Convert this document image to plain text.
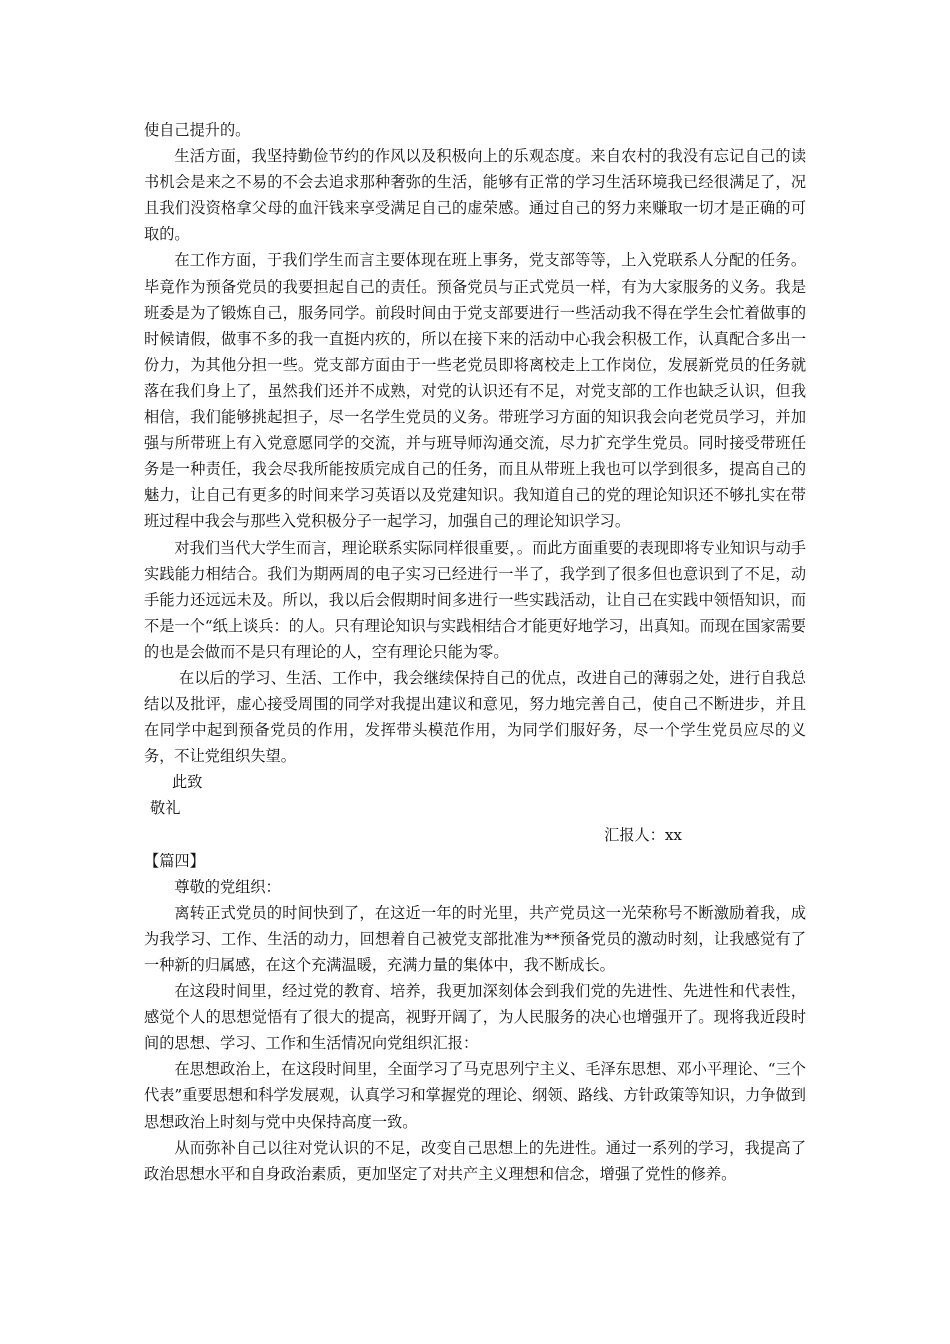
使自己提升的。

生活方面，我坚持勤俭节约的作风以及积极向上的乐观态度。来自农村的我没有忘记自己的读书机会是来之不易的不会去追求那种奢弥的生活，能够有正常的学习生活环境我已经很满足了，况且我们没资格拿父母的血汗钱来享受满足自己的虚荣感。通过自己的努力来赚取一切才是正确的可取的。

在工作方面，于我们学生而言主要体现在班上事务，党支部等等，上入党联系人分配的任务。毕竟作为预备党员的我要担起自己的责任。预备党员与正式党员一样，有为大家服务的义务。我是班委是为了锻炼自己，服务同学。前段时间由于党支部要进行一些活动我不得在学生会忙着做事的时候请假，做事不多的我一直挺内疚的，所以在接下来的活动中心我会积极工作，认真配合多出一份力，为其他分担一些。党支部方面由于一些老党员即将离校走上工作岗位，发展新党员的任务就落在我们身上了，虽然我们还并不成熟，对党的认识还有不足，对党支部的工作也缺乏认识，但我相信，我们能够挑起担子，尽一名学生党员的义务。带班学习方面的知识我会向老党员学习，并加强与所带班上有入党意愿同学的交流，并与班导师沟通交流，尽力扩充学生党员。同时接受带班任务是一种责任，我会尽我所能按质完成自己的任务，而且从带班上我也可以学到很多，提高自己的魅力，让自己有更多的时间来学习英语以及党建知识。我知道自己的党的理论知识还不够扎实在带班过程中我会与那些入党积极分子一起学习，加强自己的理论知识学习。

对我们当代大学生而言，理论联系实际同样很重要，。而此方面重要的表现即将专业知识与动手实践能力相结合。我们为期两周的电子实习已经进行一半了，我学到了很多但也意识到了不足，动手能力还远远未及。所以，我以后会假期时间多进行一些实践活动，让自己在实践中领悟知识，而不是一个“纸上谈兵：的人。只有理论知识与实践相结合才能更好地学习，出真知。而现在国家需要的也是会做而不是只有理论的人，空有理论只能为零。

在以后的学习、生活、工作中，我会继续保持自己的优点，改进自己的薄弱之处，进行自我总结以及批评，虚心接受周围的同学对我提出建议和意见，努力地完善自己，使自己不断进步，并且在同学中起到预备党员的作用，发挥带头模范作用，为同学们服好务，尽一个学生党员应尽的义务，不让党组织失望。

此致

敬礼

汇报人：xx

【篇四】

尊敬的党组织：

离转正式党员的时间快到了，在这近一年的时光里，共产党员这一光荣称号不断激励着我，成为我学习、工作、生活的动力，回想着自己被党支部批准为**预备党员的激动时刻，让我感觉有了一种新的归属感，在这个充满温暖，充满力量的集体中，我不断成长。

在这段时间里，经过党的教育、培养，我更加深刻体会到我们党的先进性、先进性和代表性，感觉个人的思想觉悟有了很大的提高，视野开阔了，为人民服务的决心也增强开了。现将我近段时间的思想、学习、工作和生活情况向党组织汇报：

在思想政治上，在这段时间里，全面学习了马克思列宁主义、毛泽东思想、邓小平理论、“三个代表”重要思想和科学发展观，认真学习和掌握党的理论、纲领、路线、方针政策等知识，力争做到思想政治上时刻与党中央保持高度一致。

从而弥补自己以往对党认识的不足，改变自己思想上的先进性。通过一系列的学习，我提高了政治思想水平和自身政治素质，更加坚定了对共产主义理想和信念，增强了党性的修养。
